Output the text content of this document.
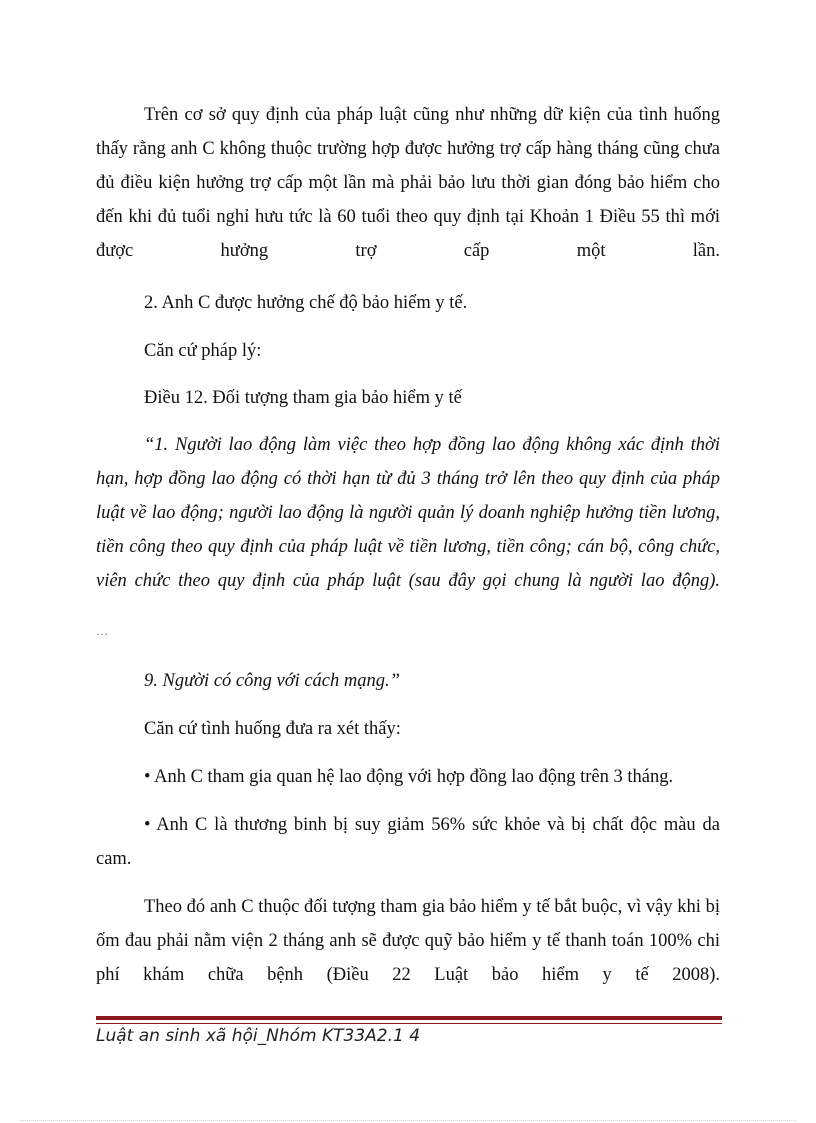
Trên cơ sở quy định của pháp luật cũng như những dữ kiện của tình huống thấy rằng anh C không thuộc trường hợp được hưởng trợ cấp hàng tháng cũng chưa đủ điều kiện hưởng trợ cấp một lần mà phải bảo lưu thời gian đóng bảo hiểm cho đến khi đủ tuổi nghỉ hưu tức là 60 tuổi theo quy định tại Khoản 1 Điều 55 thì mới được hưởng trợ cấp một lần.

2. Anh C được hưởng chế độ bảo hiểm y tế.

Căn cứ pháp lý:

Điều 12. Đối tượng tham gia bảo hiểm y tế

“1. Người lao động làm việc theo hợp đồng lao động không xác định thời hạn, hợp đồng lao động có thời hạn từ đủ 3 tháng trở lên theo quy định của pháp luật về lao động; người lao động là người quản lý doanh nghiệp hưởng tiền lương, tiền công theo quy định của pháp luật về tiền lương, tiền công; cán bộ, công chức, viên chức theo quy định của pháp luật (sau đây gọi chung là người lao động).

…

9. Người có công với cách mạng.”

Căn cứ tình huống đưa ra xét thấy:

• Anh C tham gia quan hệ lao động với hợp đồng lao động trên 3 tháng.

• Anh C là thương binh bị suy giảm 56% sức khỏe và bị chất độc màu da cam.

Theo đó anh C thuộc đối tượng tham gia bảo hiểm y tế bắt buộc, vì vậy khi bị ốm đau phải nằm viện 2 tháng anh sẽ được quỹ bảo hiểm y tế thanh toán 100% chi phí khám chữa bệnh (Điều 22 Luật bảo hiểm y tế 2008).

Luật an sinh xã hội_Nhóm KT33A2.1 4
